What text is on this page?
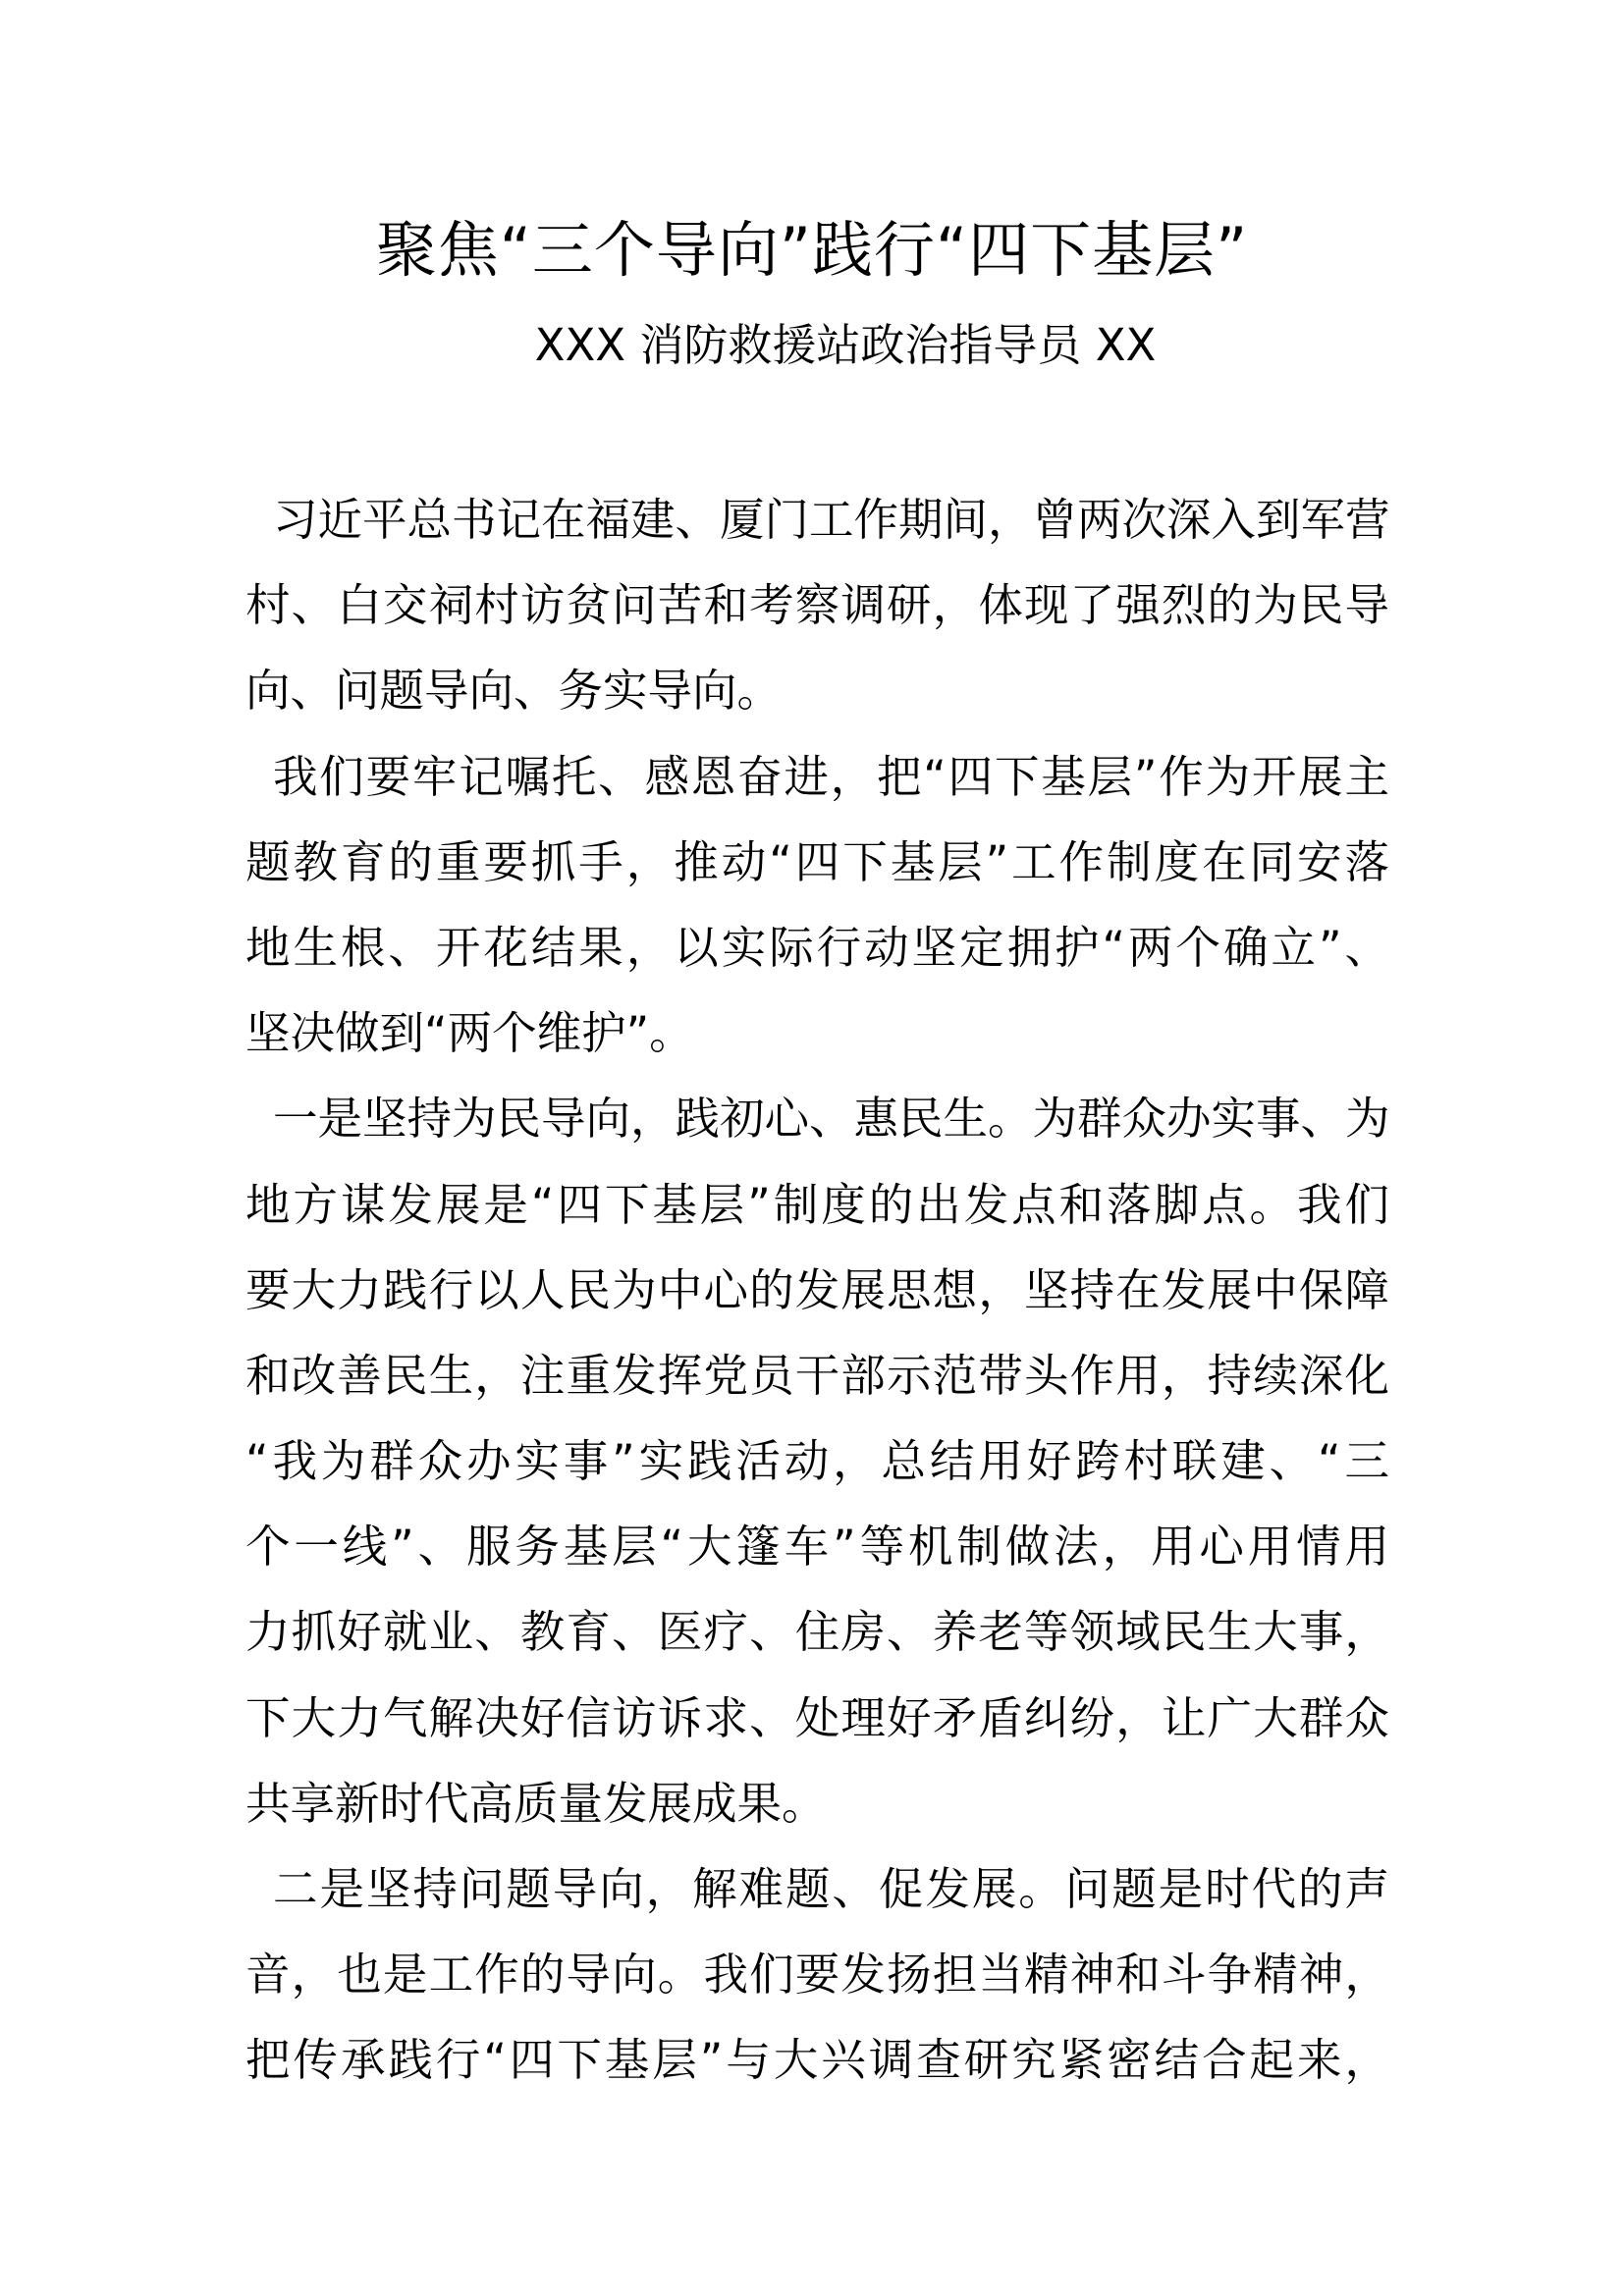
聚焦“三个导向”践行“四下基层”
XXX 消防救援站政治指导员 XX
习近平总书记在福建、厦门工作期间，曾两次深入到军营
村、白交祠村访贫问苦和考察调研，体现了强烈的为民导
向、问题导向、务实导向。
我们要牢记嘱托、感恩奋进，把“四下基层”作为开展主
题教育的重要抓手，推动“四下基层”工作制度在同安落
地生根、开花结果，以实际行动坚定拥护“两个确立”、
坚决做到“两个维护”。
一是坚持为民导向，践初心、惠民生。为群众办实事、为
地方谋发展是“四下基层”制度的出发点和落脚点。我们
要大力践行以人民为中心的发展思想，坚持在发展中保障
和改善民生，注重发挥党员干部示范带头作用，持续深化
“我为群众办实事”实践活动，总结用好跨村联建、“三
个一线”、服务基层“大篷车”等机制做法，用心用情用
力抓好就业、教育、医疗、住房、养老等领域民生大事，
下大力气解决好信访诉求、处理好矛盾纠纷，让广大群众
共享新时代高质量发展成果。
二是坚持问题导向，解难题、促发展。问题是时代的声
音，也是工作的导向。我们要发扬担当精神和斗争精神，
把传承践行“四下基层”与大兴调查研究紧密结合起来，
